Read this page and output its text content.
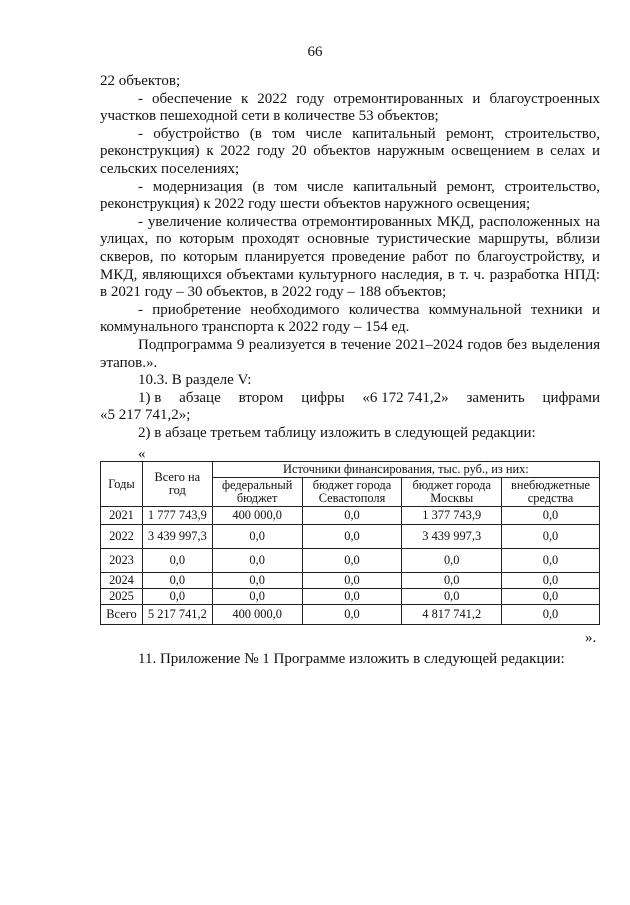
66

22 объектов;

- обеспечение к 2022 году отремонтированных и благоустроенных участков пешеходной сети в количестве 53 объектов;

- обустройство (в том числе капитальный ремонт, строительство, реконструкция) к 2022 году 20 объектов наружным освещением в селах и сельских поселениях;

- модернизация (в том числе капитальный ремонт, строительство, реконструкция) к 2022 году шести объектов наружного освещения;

- увеличение количества отремонтированных МКД, расположенных на улицах, по которым проходят основные туристические маршруты, вблизи скверов, по которым планируется проведение работ по благоустройству, и МКД, являющихся объектами культурного наследия, в т. ч. разработка НПД: в 2021 году – 30 объектов, в 2022 году – 188 объектов;

- приобретение необходимого количества коммунальной техники и коммунального транспорта к 2022 году – 154 ед.

Подпрограмма 9 реализуется в течение 2021–2024 годов без выделения этапов.».

10.3. В разделе V:

1) в абзаце втором цифры «6 172 741,2» заменить цифрами

«5 217 741,2»;

2) в абзаце третьем таблицу изложить в следующей редакции:

«
Годы	Всего на год	Источники финансирования, тыс. руб., из них:			
		федеральный бюджет	бюджет города Севастополя	бюджет города Москвы	внебюджетные средства
2021	1 777 743,9	400 000,0	0,0	1 377 743,9	0,0
2022	3 439 997,3	0,0	0,0	3 439 997,3	0,0
2023	0,0	0,0	0,0	0,0	0,0
2024	0,0	0,0	0,0	0,0	0,0
2025	0,0	0,0	0,0	0,0	0,0
Всего	5 217 741,2	400 000,0	0,0	4 817 741,2	0,0
».
11. Приложение № 1 Программе изложить в следующей редакции:
